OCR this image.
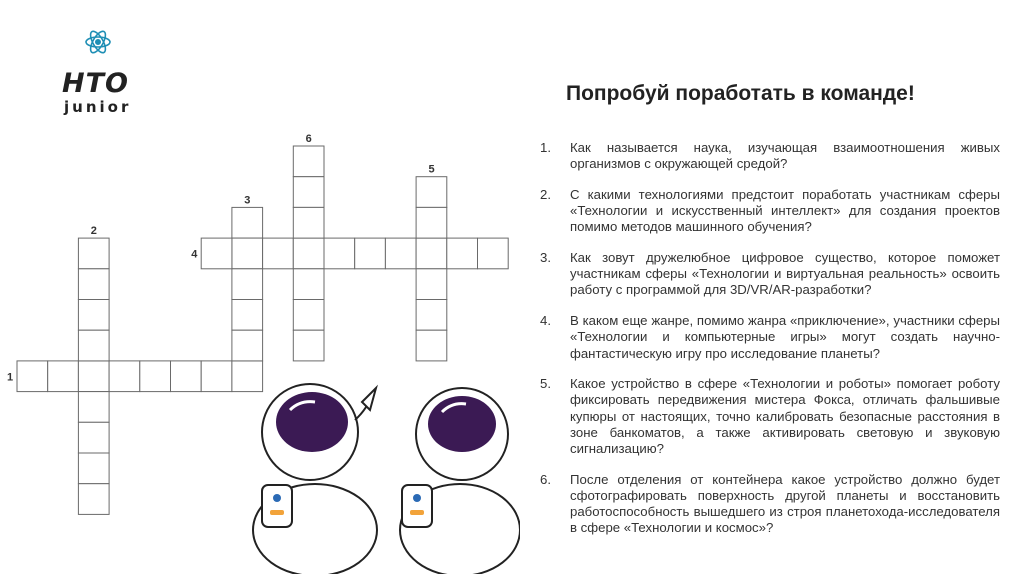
НТО
junior
Попробуй поработать в команде!
1. Как называется наука, изучающая взаимоотношения живых организмов с окружающей средой?
2. С какими технологиями предстоит поработать участникам сферы «Технологии и искусственный интеллект» для создания проектов помимо методов машинного обучения?
3. Как зовут дружелюбное цифровое существо, которое поможет участникам сферы «Технологии и виртуальная реальность» освоить работу с программой для 3D/VR/AR-разработки?
4. В каком еще жанре, помимо жанра «приключение», участники сферы «Технологии и компьютерные игры» могут создать научно-фантастическую игру про исследование планеты?
5. Какое устройство в сфере «Технологии и роботы» помогает роботу фиксировать передвижения мистера Фокса, отличать фальшивые купюры от настоящих, точно калибровать безопасные расстояния в зоне банкоматов, а также активировать световую и звуковую сигнализацию?
6. После отделения от контейнера какое устройство должно будет сфотографировать поверхность другой планеты и восстановить работоспособность вышедшего из строя планетохода-исследователя в сфере «Технологии и космос»?
1
2
3
4
5
6
